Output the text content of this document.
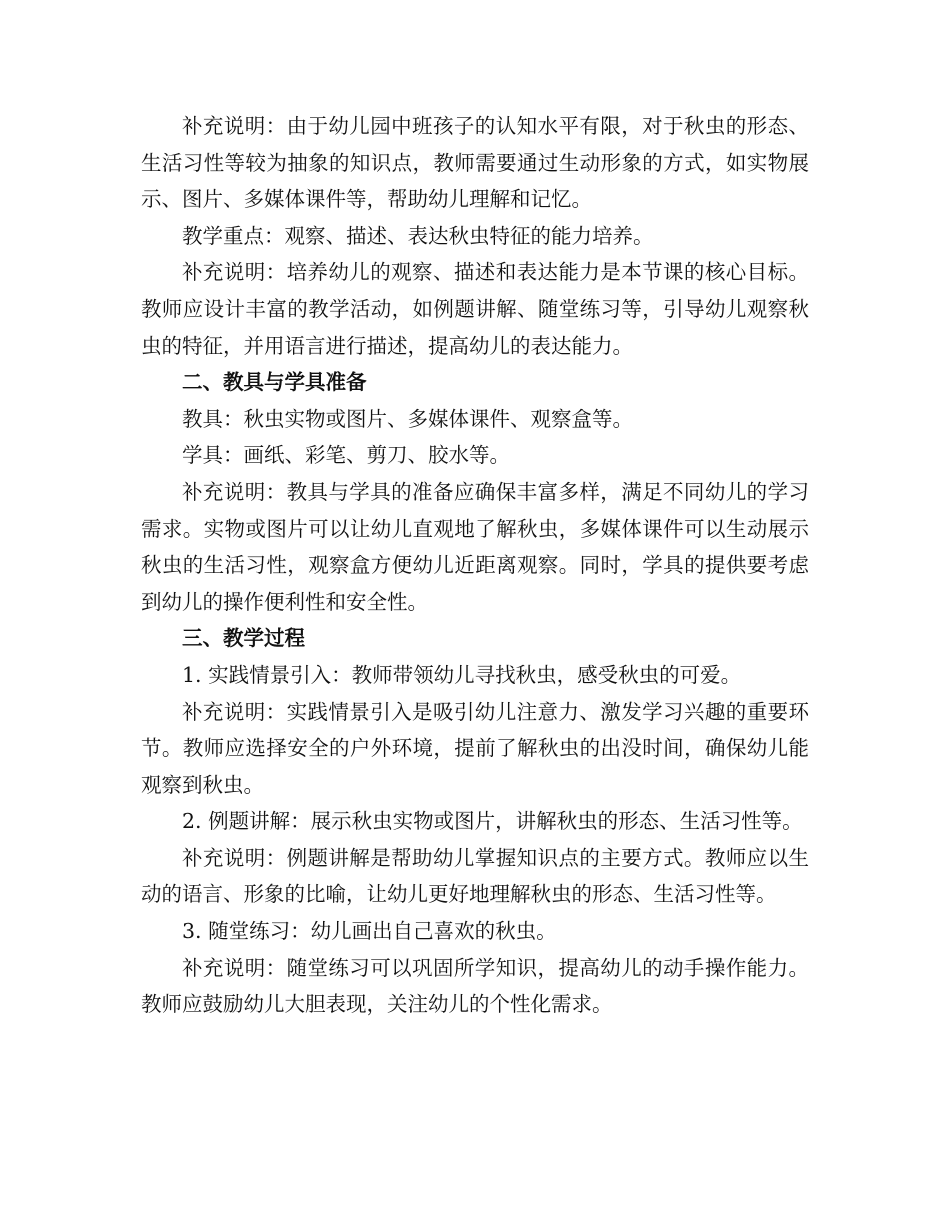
补充说明：由于幼儿园中班孩子的认知水平有限，对于秋虫的形态、生活习性等较为抽象的知识点，教师需要通过生动形象的方式，如实物展示、图片、多媒体课件等，帮助幼儿理解和记忆。

教学重点：观察、描述、表达秋虫特征的能力培养。

补充说明：培养幼儿的观察、描述和表达能力是本节课的核心目标。教师应设计丰富的教学活动，如例题讲解、随堂练习等，引导幼儿观察秋虫的特征，并用语言进行描述，提高幼儿的表达能力。

二、教具与学具准备

教具：秋虫实物或图片、多媒体课件、观察盒等。

学具：画纸、彩笔、剪刀、胶水等。

补充说明：教具与学具的准备应确保丰富多样，满足不同幼儿的学习需求。实物或图片可以让幼儿直观地了解秋虫，多媒体课件可以生动展示秋虫的生活习性，观察盒方便幼儿近距离观察。同时，学具的提供要考虑到幼儿的操作便利性和安全性。

三、教学过程

1. 实践情景引入：教师带领幼儿寻找秋虫，感受秋虫的可爱。

补充说明：实践情景引入是吸引幼儿注意力、激发学习兴趣的重要环节。教师应选择安全的户外环境，提前了解秋虫的出没时间，确保幼儿能观察到秋虫。

2. 例题讲解：展示秋虫实物或图片，讲解秋虫的形态、生活习性等。

补充说明：例题讲解是帮助幼儿掌握知识点的主要方式。教师应以生动的语言、形象的比喻，让幼儿更好地理解秋虫的形态、生活习性等。

3. 随堂练习：幼儿画出自己喜欢的秋虫。

补充说明：随堂练习可以巩固所学知识，提高幼儿的动手操作能力。教师应鼓励幼儿大胆表现，关注幼儿的个性化需求。
